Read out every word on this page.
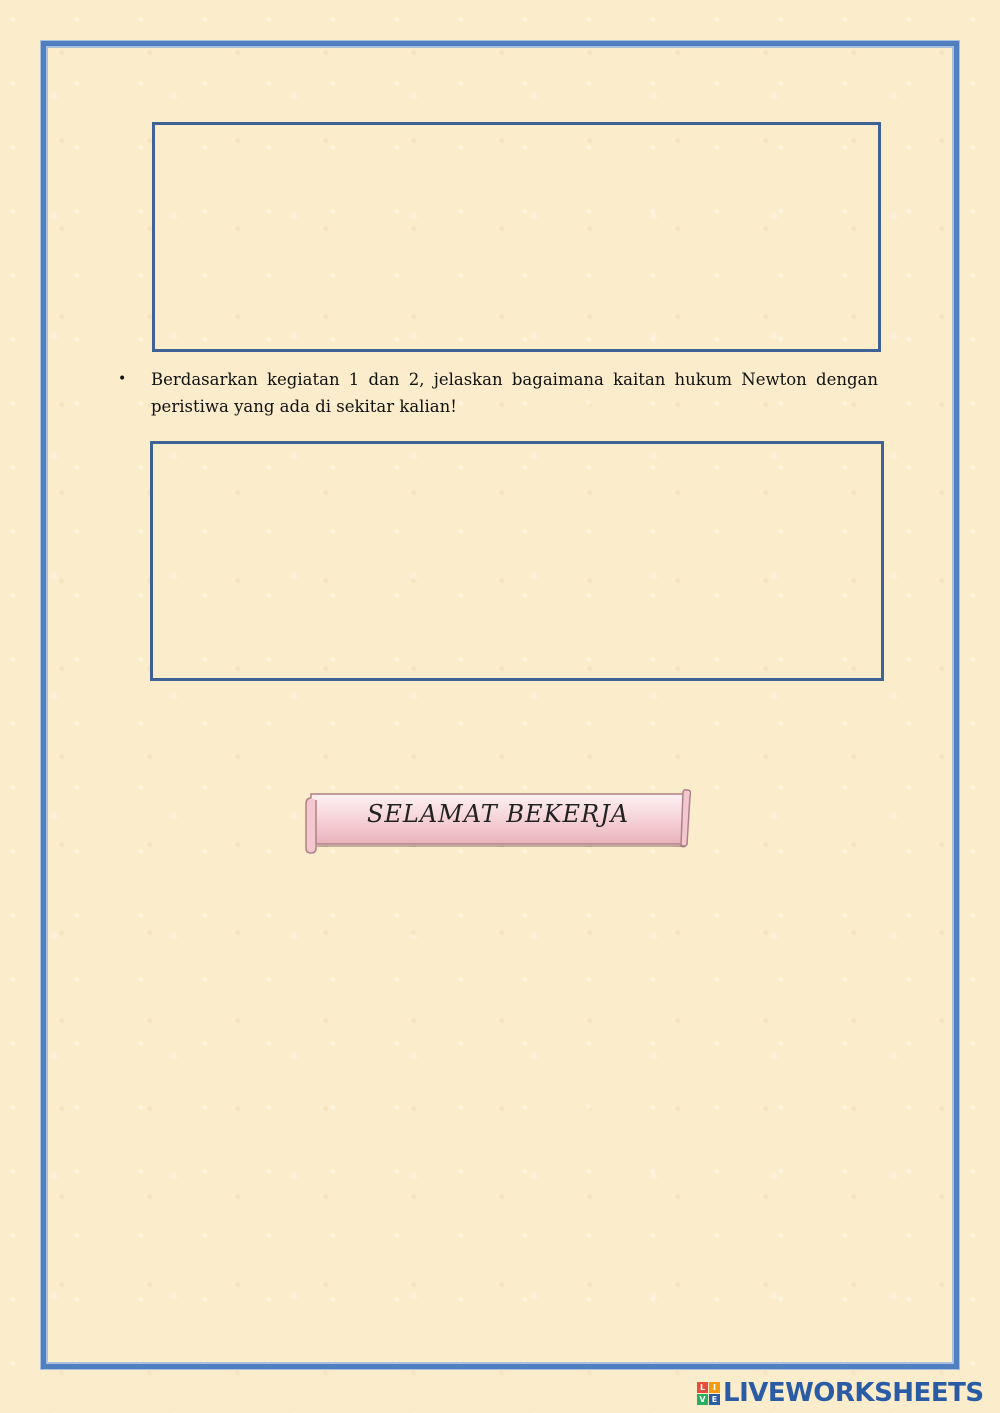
•	Berdasarkan kegiatan 1 dan 2, jelaskan bagaimana kaitan hukum Newton dengan peristiwa yang ada di sekitar kalian!
SELAMAT BEKERJA
L I
V E LIVEWORKSHEETS
